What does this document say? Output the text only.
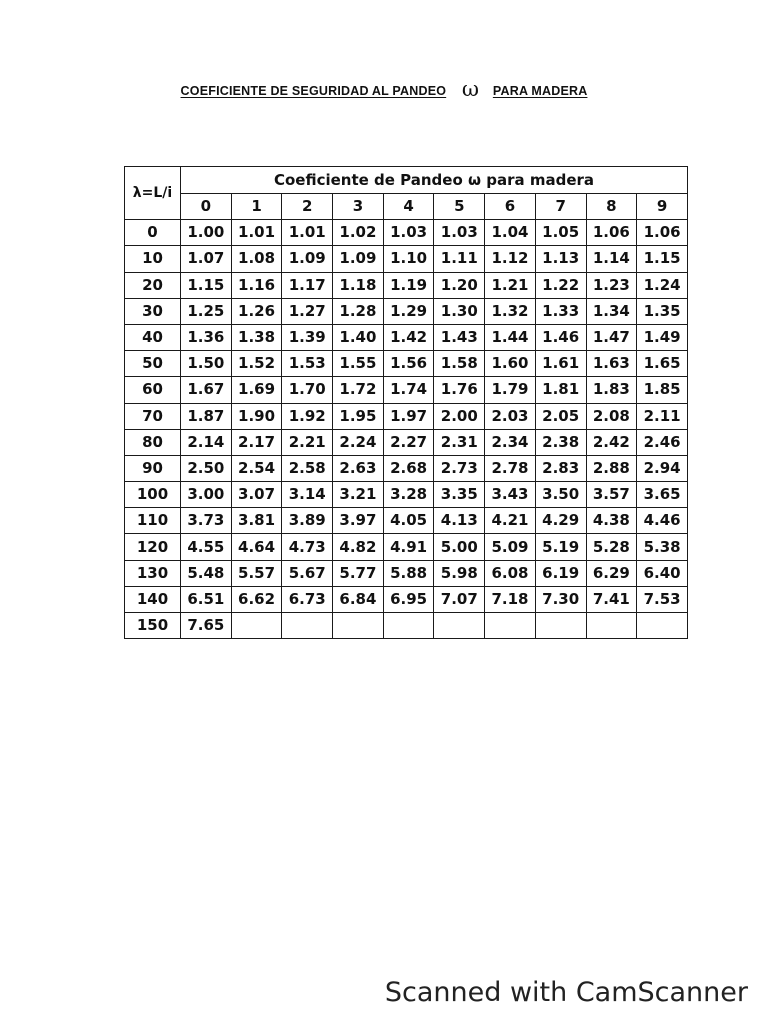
COEFICIENTE DE SEGURIDAD AL PANDEO ω PARA MADERA
λ=L/i	Coeficiente de Pandeo ω para madera									
	0	1	2	3	4	5	6	7	8	9
0	1.00	1.01	1.01	1.02	1.03	1.03	1.04	1.05	1.06	1.06
10	1.07	1.08	1.09	1.09	1.10	1.11	1.12	1.13	1.14	1.15
20	1.15	1.16	1.17	1.18	1.19	1.20	1.21	1.22	1.23	1.24
30	1.25	1.26	1.27	1.28	1.29	1.30	1.32	1.33	1.34	1.35
40	1.36	1.38	1.39	1.40	1.42	1.43	1.44	1.46	1.47	1.49
50	1.50	1.52	1.53	1.55	1.56	1.58	1.60	1.61	1.63	1.65
60	1.67	1.69	1.70	1.72	1.74	1.76	1.79	1.81	1.83	1.85
70	1.87	1.90	1.92	1.95	1.97	2.00	2.03	2.05	2.08	2.11
80	2.14	2.17	2.21	2.24	2.27	2.31	2.34	2.38	2.42	2.46
90	2.50	2.54	2.58	2.63	2.68	2.73	2.78	2.83	2.88	2.94
100	3.00	3.07	3.14	3.21	3.28	3.35	3.43	3.50	3.57	3.65
110	3.73	3.81	3.89	3.97	4.05	4.13	4.21	4.29	4.38	4.46
120	4.55	4.64	4.73	4.82	4.91	5.00	5.09	5.19	5.28	5.38
130	5.48	5.57	5.67	5.77	5.88	5.98	6.08	6.19	6.29	6.40
140	6.51	6.62	6.73	6.84	6.95	7.07	7.18	7.30	7.41	7.53
150	7.65									
Scanned with CamScanner
